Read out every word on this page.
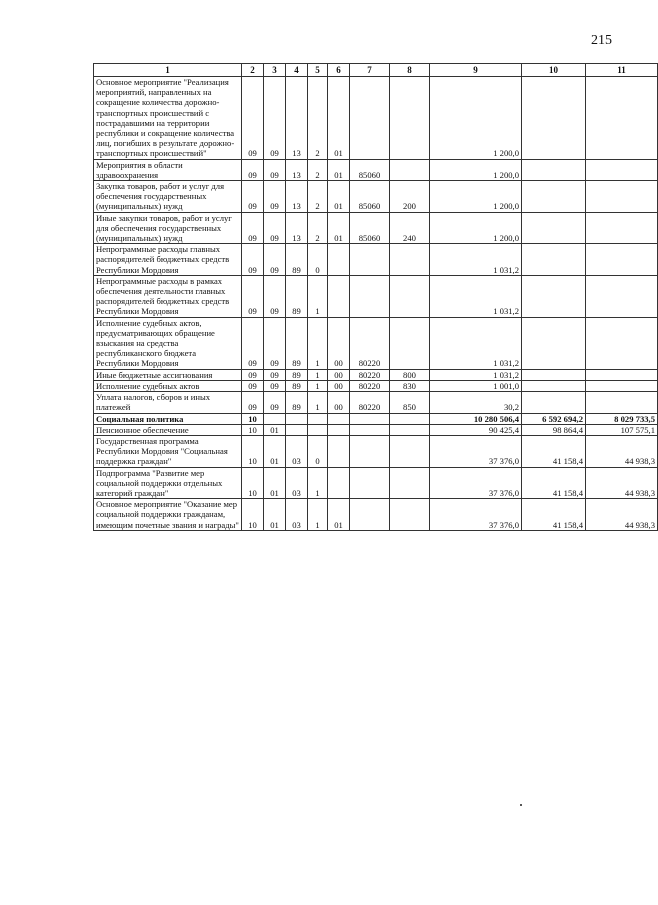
215
1	2	3	4	5	6	7	8	9	10	11
Основное мероприятие "Реализация мероприятий, направленных на сокращение количества дорожно-транспортных происшествий с пострадавшими на территории республики и сокращение количества лиц, погибших в результате дорожно-транспортных происшествий"	09	09	13	2	01			1 200,0		
Мероприятия в области здравоохранения	09	09	13	2	01	85060		1 200,0		
Закупка товаров, работ и услуг для обеспечения государственных (муниципальных) нужд	09	09	13	2	01	85060	200	1 200,0		
Иные закупки товаров, работ и услуг для обеспечения государственных (муниципальных) нужд	09	09	13	2	01	85060	240	1 200,0		
Непрограммные расходы главных распорядителей бюджетных средств Республики Мордовия	09	09	89	0				1 031,2		
Непрограммные расходы в рамках обеспечения деятельности главных распорядителей бюджетных средств Республики Мордовия	09	09	89	1				1 031,2		
Исполнение судебных актов, предусматривающих обращение взыскания на средства республиканского бюджета Республики Мордовия	09	09	89	1	00	80220		1 031,2		
Иные бюджетные ассигнования	09	09	89	1	00	80220	800	1 031,2		
Исполнение судебных актов	09	09	89	1	00	80220	830	1 001,0		
Уплата налогов, сборов и иных платежей	09	09	89	1	00	80220	850	30,2		
Социальная политика	10							10 280 506,4	6 592 694,2	8 029 733,5
Пенсионное обеспечение	10	01						90 425,4	98 864,4	107 575,1
Государственная программа Республики Мордовия "Социальная поддержка граждан"	10	01	03	0				37 376,0	41 158,4	44 938,3
Подпрограмма "Развитие мер социальной поддержки отдельных категорий граждан"	10	01	03	1				37 376,0	41 158,4	44 938,3
Основное мероприятие "Оказание мер социальной поддержки гражданам, имеющим почетные звания и награды"	10	01	03	1	01			37 376,0	41 158,4	44 938,3
